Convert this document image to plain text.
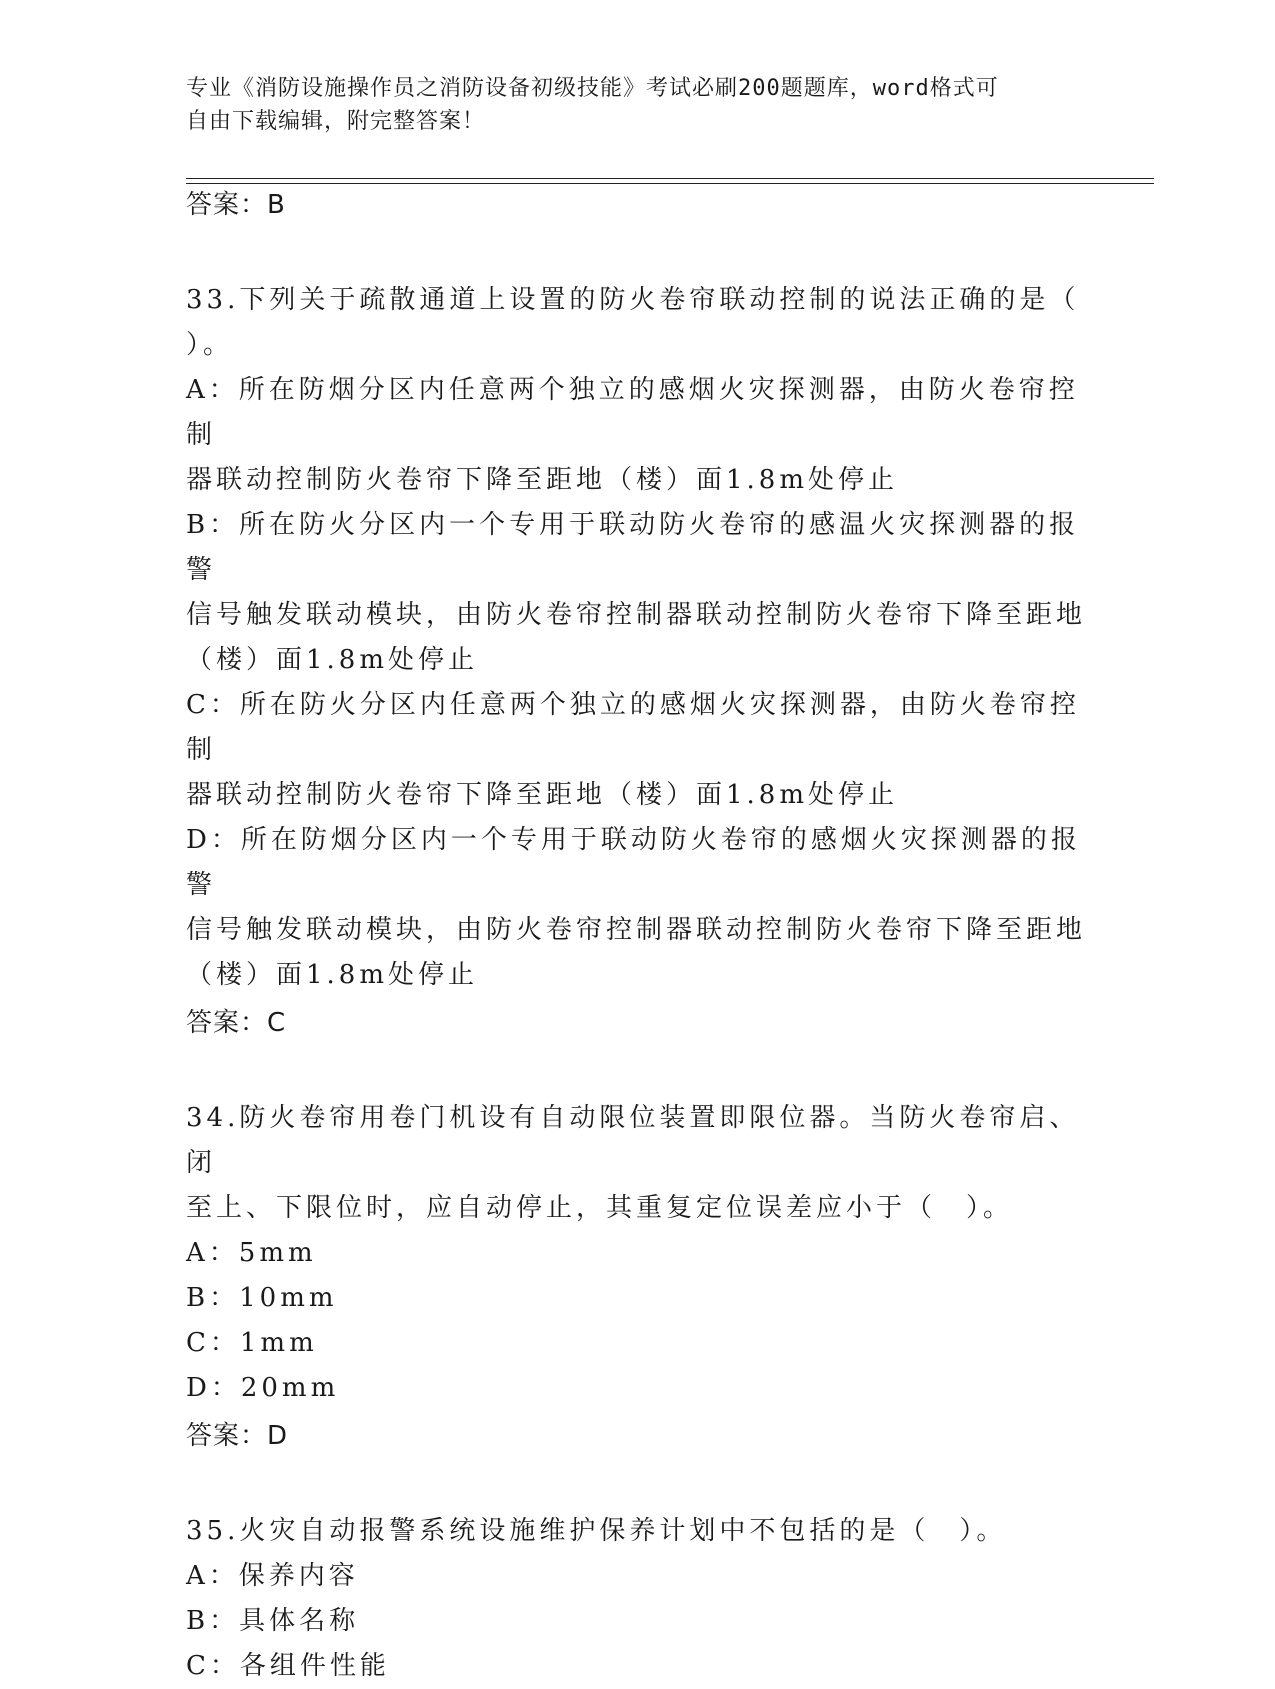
专业《消防设施操作员之消防设备初级技能》考试必刷200题题库，word格式可
自由下载编辑，附完整答案！
答案：B
33.下列关于疏散通道上设置的防火卷帘联动控制的说法正确的是（
）。
A：所在防烟分区内任意两个独立的感烟火灾探测器，由防火卷帘控制
器联动控制防火卷帘下降至距地（楼）面1.8m处停止
B：所在防火分区内一个专用于联动防火卷帘的感温火灾探测器的报警
信号触发联动模块，由防火卷帘控制器联动控制防火卷帘下降至距地
（楼）面1.8m处停止
C：所在防火分区内任意两个独立的感烟火灾探测器，由防火卷帘控制
器联动控制防火卷帘下降至距地（楼）面1.8m处停止
D：所在防烟分区内一个专用于联动防火卷帘的感烟火灾探测器的报警
信号触发联动模块，由防火卷帘控制器联动控制防火卷帘下降至距地
（楼）面1.8m处停止
答案：C
34.防火卷帘用卷门机设有自动限位装置即限位器。当防火卷帘启、闭
至上、下限位时，应自动停止，其重复定位误差应小于（　）。
A：5mm
B：10mm
C：1mm
D：20mm
答案：D
35.火灾自动报警系统设施维护保养计划中不包括的是（　）。
A：保养内容
B：具体名称
C：各组件性能
